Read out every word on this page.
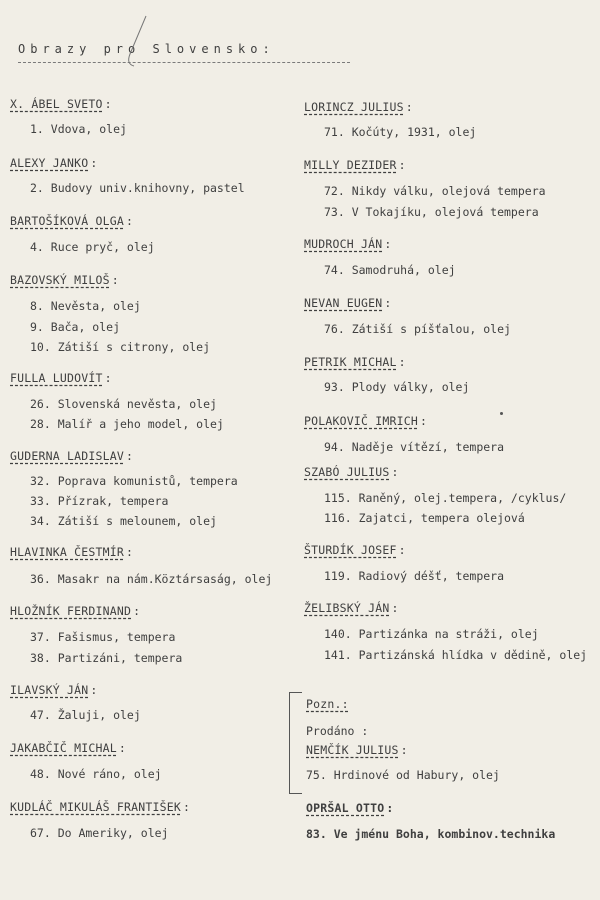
Obrazy pro Slovensko:
X. ÁBEL SVETO :
1. Vdova, olej
ALEXY JANKO :
2. Budovy univ.knihovny, pastel
BARTOŠÍKOVÁ OLGA :
4. Ruce pryč, olej
BAZOVSKÝ MILOŠ :
8. Nevěsta, olej
9. Bača, olej
10. Zátiší s citrony, olej
FULLA LUDOVÍT :
26. Slovenská nevěsta, olej
28. Malíř a jeho model, olej
GUDERNA LADISLAV :
32. Poprava komunistů, tempera
33. Přízrak, tempera
34. Zátiší s melounem, olej
HLAVINKA ČESTMÍR :
36. Masakr na nám.Köztársaság, olej
HLOŽNÍK FERDINAND :
37. Fašismus, tempera
38. Partizáni, tempera
ILAVSKÝ JÁN :
47. Žaluji, olej
JAKABČIČ MICHAL :
48. Nové ráno, olej
KUDLÁČ MIKULÁŠ FRANTIŠEK :
67. Do Ameriky, olej
LORINCZ JULIUS :
71. Kočúty, 1931, olej
MILLY DEZIDER :
72. Nikdy válku, olejová tempera
73. V Tokajíku, olejová tempera
MUDROCH JÁN :
74. Samodruhá, olej
NEVAN EUGEN :
76. Zátiší s píšťalou, olej
PETRIK MICHAL :
93. Plody války, olej
POLAKOVIČ IMRICH :
94. Naděje vítězí, tempera
SZABÓ JULIUS :
115. Raněný, olej.tempera, /cyklus/
116. Zajatci, tempera olejová
ŠTURDÍK JOSEF :
119. Radiový déšť, tempera
ŽELIBSKÝ JÁN :
140. Partizánka na stráži, olej
141. Partizánská hlídka v dědině, olej
Pozn.:
Prodáno :
NEMČÍK JULIUS :
75. Hrdinové od Habury, olej
OPRŠAL OTTO :
83. Ve jménu Boha, kombinov.technika
